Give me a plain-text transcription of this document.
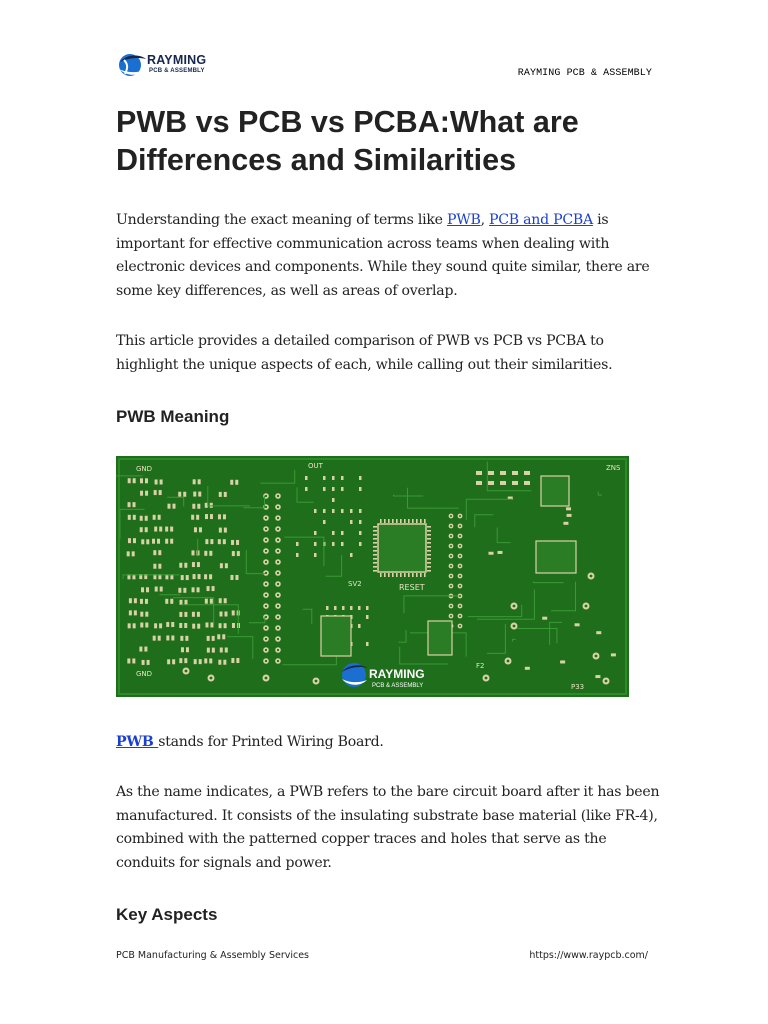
RAYMING
PCB & ASSEMBLY	RAYMING PCB & ASSEMBLY
PWB vs PCB vs PCBA:What are Differences and Similarities

Understanding the exact meaning of terms like PWB, PCB and PCBA is important for effective communication across teams when dealing with electronic devices and components. While they sound quite similar, there are some key differences, as well as areas of overlap.

This article provides a detailed comparison of PWB vs PCB vs PCBA to highlight the unique aspects of each, while calling out their similarities.

PWB Meaning
GND	OUT
RESET
GND
P33
F2
SV2
ZNS
RAYMING
PCB & ASSEMBLY

PWB stands for Printed Wiring Board.

As the name indicates, a PWB refers to the bare circuit board after it has been manufactured. It consists of the insulating substrate base material (like FR-4), combined with the patterned copper traces and holes that serve as the conduits for signals and power.

Key Aspects
PCB Manufacturing & Assembly Services	https://www.raypcb.com/
